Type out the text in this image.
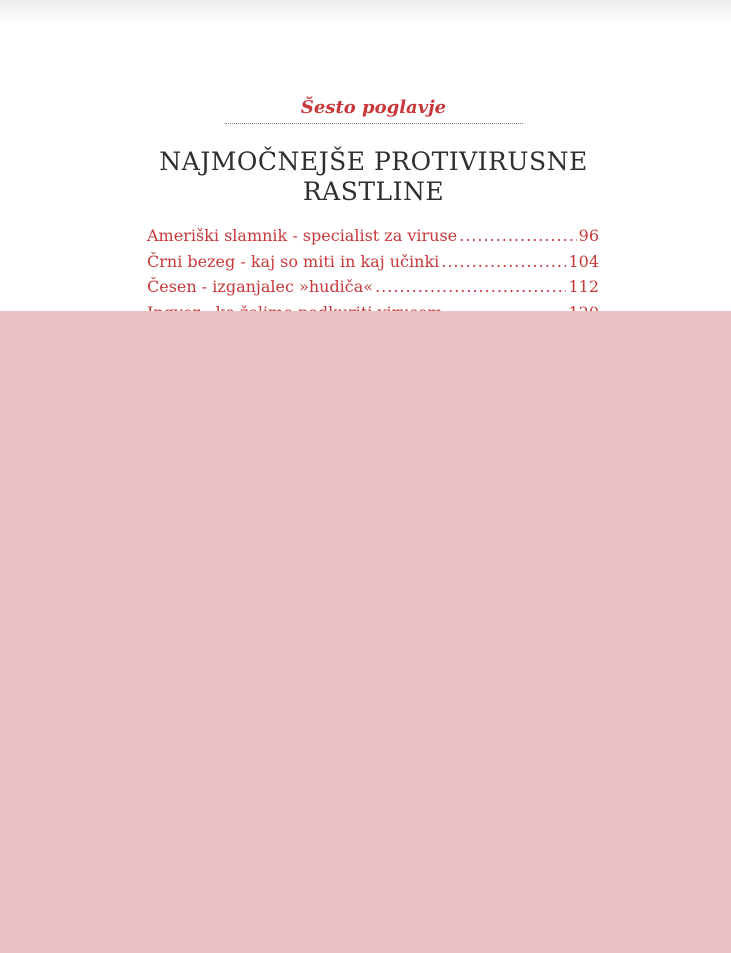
Šesto poglavje
NAJMOČNEJŠE PROTIVIRUSNE RASTLINE
Ameriški slamnik - specialist za viruse .....	96
Črni bezeg - kaj so miti in kaj učinki .....	104
Česen - izganjalec »hudiča« .....	112
.....
